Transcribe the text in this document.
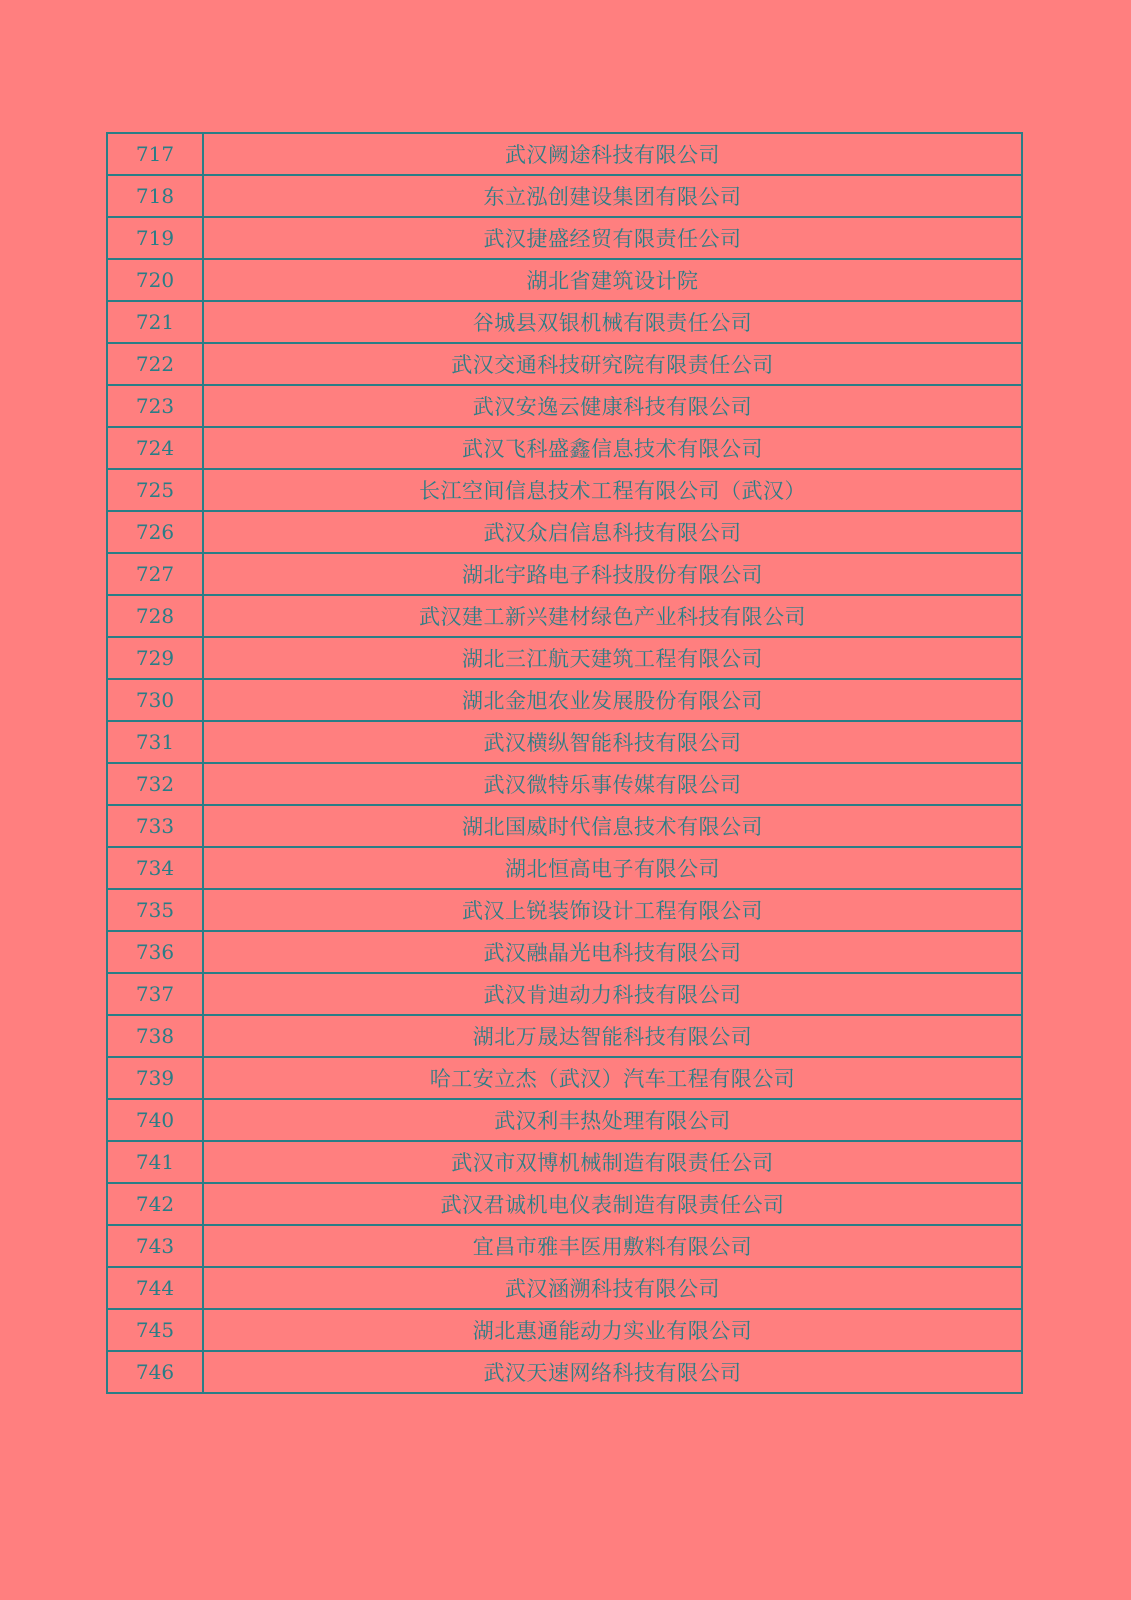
717	武汉阙途科技有限公司
718	东立泓创建设集团有限公司
719	武汉捷盛经贸有限责任公司
720	湖北省建筑设计院
721	谷城县双银机械有限责任公司
722	武汉交通科技研究院有限责任公司
723	武汉安逸云健康科技有限公司
724	武汉飞科盛鑫信息技术有限公司
725	长江空间信息技术工程有限公司（武汉）
726	武汉众启信息科技有限公司
727	湖北宇路电子科技股份有限公司
728	武汉建工新兴建材绿色产业科技有限公司
729	湖北三江航天建筑工程有限公司
730	湖北金旭农业发展股份有限公司
731	武汉横纵智能科技有限公司
732	武汉微特乐事传媒有限公司
733	湖北国威时代信息技术有限公司
734	湖北恒高电子有限公司
735	武汉上锐装饰设计工程有限公司
736	武汉融晶光电科技有限公司
737	武汉肯迪动力科技有限公司
738	湖北万晟达智能科技有限公司
739	哈工安立杰（武汉）汽车工程有限公司
740	武汉利丰热处理有限公司
741	武汉市双博机械制造有限责任公司
742	武汉君诚机电仪表制造有限责任公司
743	宜昌市雅丰医用敷料有限公司
744	武汉涵溯科技有限公司
745	湖北惠通能动力实业有限公司
746	武汉天速网络科技有限公司
